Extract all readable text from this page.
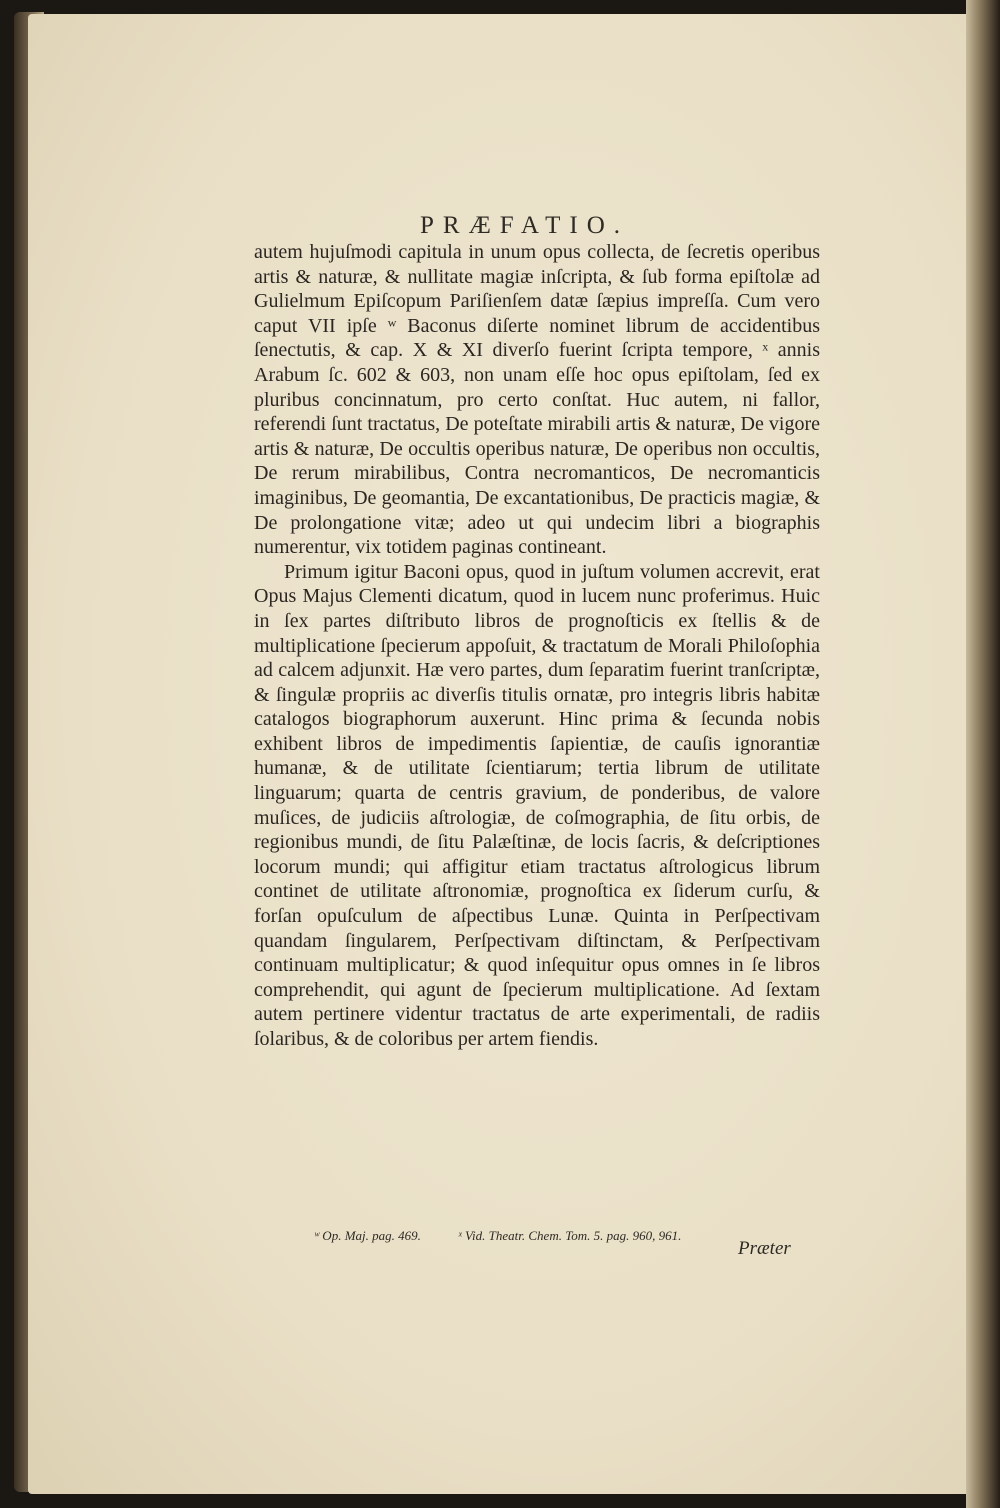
PRÆFATIO.

autem hujuſmodi capitula in unum opus collecta, de ſecretis operibus artis & naturæ, & nullitate magiæ inſcripta, & ſub forma epiſtolæ ad Gulielmum Epiſcopum Pariſienſem datæ ſæpius impreſſa. Cum vero caput VII ipſe ʷ Baconus diſerte nominet librum de accidentibus ſenectutis, & cap. X & XI diverſo fuerint ſcripta tempore, ˣ annis Arabum ſc. 602 & 603, non unam eſſe hoc opus epiſtolam, ſed ex pluribus concinnatum, pro certo conſtat. Huc autem, ni fallor, referendi ſunt tractatus, De poteſtate mirabili artis & naturæ, De vigore artis & naturæ, De occultis operibus naturæ, De operibus non occultis, De rerum mirabilibus, Contra necromanticos, De necromanticis imaginibus, De geomantia, De excantationibus, De practicis magiæ, & De prolongatione vitæ; adeo ut qui undecim libri a biographis numerentur, vix totidem paginas contineant.

Primum igitur Baconi opus, quod in juſtum volumen accrevit, erat Opus Majus Clementi dicatum, quod in lucem nunc proferimus. Huic in ſex partes diſtributo libros de prognoſticis ex ſtellis & de multiplicatione ſpecierum appoſuit, & tractatum de Morali Philoſophia ad calcem adjunxit. Hæ vero partes, dum ſeparatim fuerint tranſcriptæ, & ſingulæ propriis ac diverſis titulis ornatæ, pro integris libris habitæ catalogos biographorum auxerunt. Hinc prima & ſecunda nobis exhibent libros de impedimentis ſapientiæ, de cauſis ignorantiæ humanæ, & de utilitate ſcientiarum; tertia librum de utilitate linguarum; quarta de centris gravium, de ponderibus, de valore muſices, de judiciis aſtrologiæ, de coſmographia, de ſitu orbis, de regionibus mundi, de ſitu Palæſtinæ, de locis ſacris, & deſcriptiones locorum mundi; qui affigitur etiam tractatus aſtrologicus librum continet de utilitate aſtronomiæ, prognoſtica ex ſiderum curſu, & forſan opuſculum de aſpectibus Lunæ. Quinta in Perſpectivam quandam ſingularem, Perſpectivam diſtinctam, & Perſpectivam continuam multiplicatur; & quod inſequitur opus omnes in ſe libros comprehendit, qui agunt de ſpecierum multiplicatione. Ad ſextam autem pertinere videntur tractatus de arte experimentali, de radiis ſolaribus, & de coloribus per artem fiendis.

ʷ Op. Maj. pag. 469.	ˣ Vid. Theatr. Chem. Tom. 5. pag. 960, 961.
Præter
